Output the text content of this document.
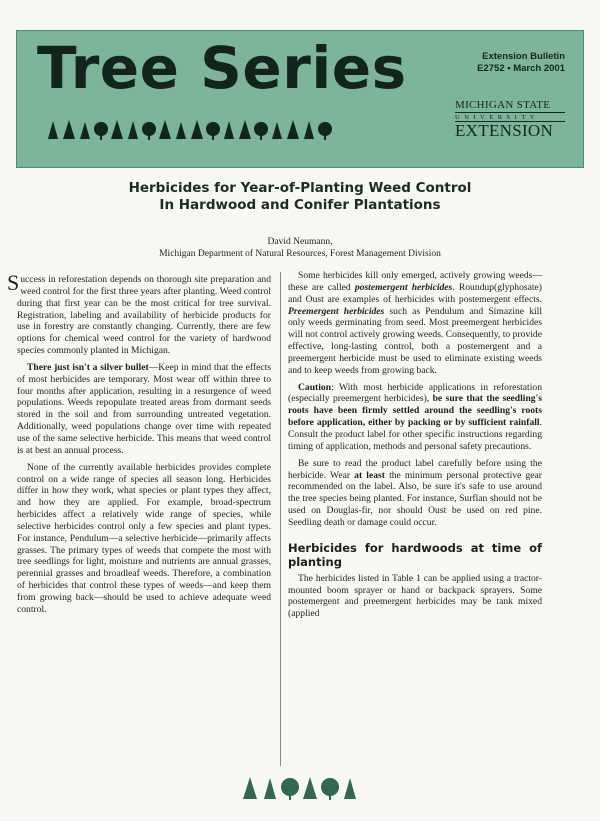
Tree Series	Extension Bulletin
E2752 • March 2001
MICHIGAN STATE
UNIVERSITY
EXTENSION
Herbicides for Year-of-Planting Weed Control
In Hardwood and Conifer Plantations
David Neumann,
Michigan Department of Natural Resources, Forest Management Division

Success in reforestation depends on thorough site preparation and weed control for the first three years after planting. Weed control during that first year can be the most critical for tree survival. Registration, labeling and availability of herbicide products for use in forestry are constantly changing. Currently, there are few options for chemical weed control for the variety of hardwood species commonly planted in Michigan.

There just isn't a silver bullet—Keep in mind that the effects of most herbicides are temporary. Most wear off within three to four months after application, resulting in a resurgence of weed populations. Weeds repopulate treated areas from dormant seeds stored in the soil and from surrounding untreated vegetation. Additionally, weed populations change over time with repeated use of the same selective herbicide. This means that weed control is at best an annual process.

None of the currently available herbicides provides complete control on a wide range of species all season long. Herbicides differ in how they work, what species or plant types they affect, and how they are applied. For example, broad-spectrum herbicides affect a relatively wide range of species, while selective herbicides control only a few species and plant types. For instance, Pendulum—a selective herbicide—primarily affects grasses. The primary types of weeds that compete the most with tree seedlings for light, moisture and nutrients are annual grasses, perennial grasses and broadleaf weeds. Therefore, a combination of herbicides that control these types of weeds—and keep them from growing back—should be used to achieve adequate weed control.

Some herbicides kill only emerged, actively growing weeds—these are called postemergent herbicides. Roundup(glyphosate) and Oust are examples of herbicides with postemergent effects. Preemergent herbicides such as Pendulum and Simazine kill only weeds germinating from seed. Most preemergent herbicides will not control actively growing weeds. Consequently, to provide effective, long-lasting control, both a postemergent and a preemergent herbicide must be used to eliminate existing weeds and to keep weeds from growing back.

Caution: With most herbicide applications in reforestation (especially preemergent herbicides), be sure that the seedling's roots have been firmly settled around the seedling's roots before application, either by packing or by sufficient rainfall. Consult the product label for other specific instructions regarding timing of application, methods and personal safety precautions.

Be sure to read the product label carefully before using the herbicide. Wear at least the minimum personal protective gear recommended on the label. Also, be sure it's safe to use around the tree species being planted. For instance, Surflan should not be used on Douglas-fir, nor should Oust be used on red pine. Seedling death or damage could occur.

Herbicides for hardwoods at time of planting

The herbicides listed in Table 1 can be applied using a tractor-mounted boom sprayer or hand or backpack sprayers. Some postemergent and preemergent herbicides may be tank mixed (applied
